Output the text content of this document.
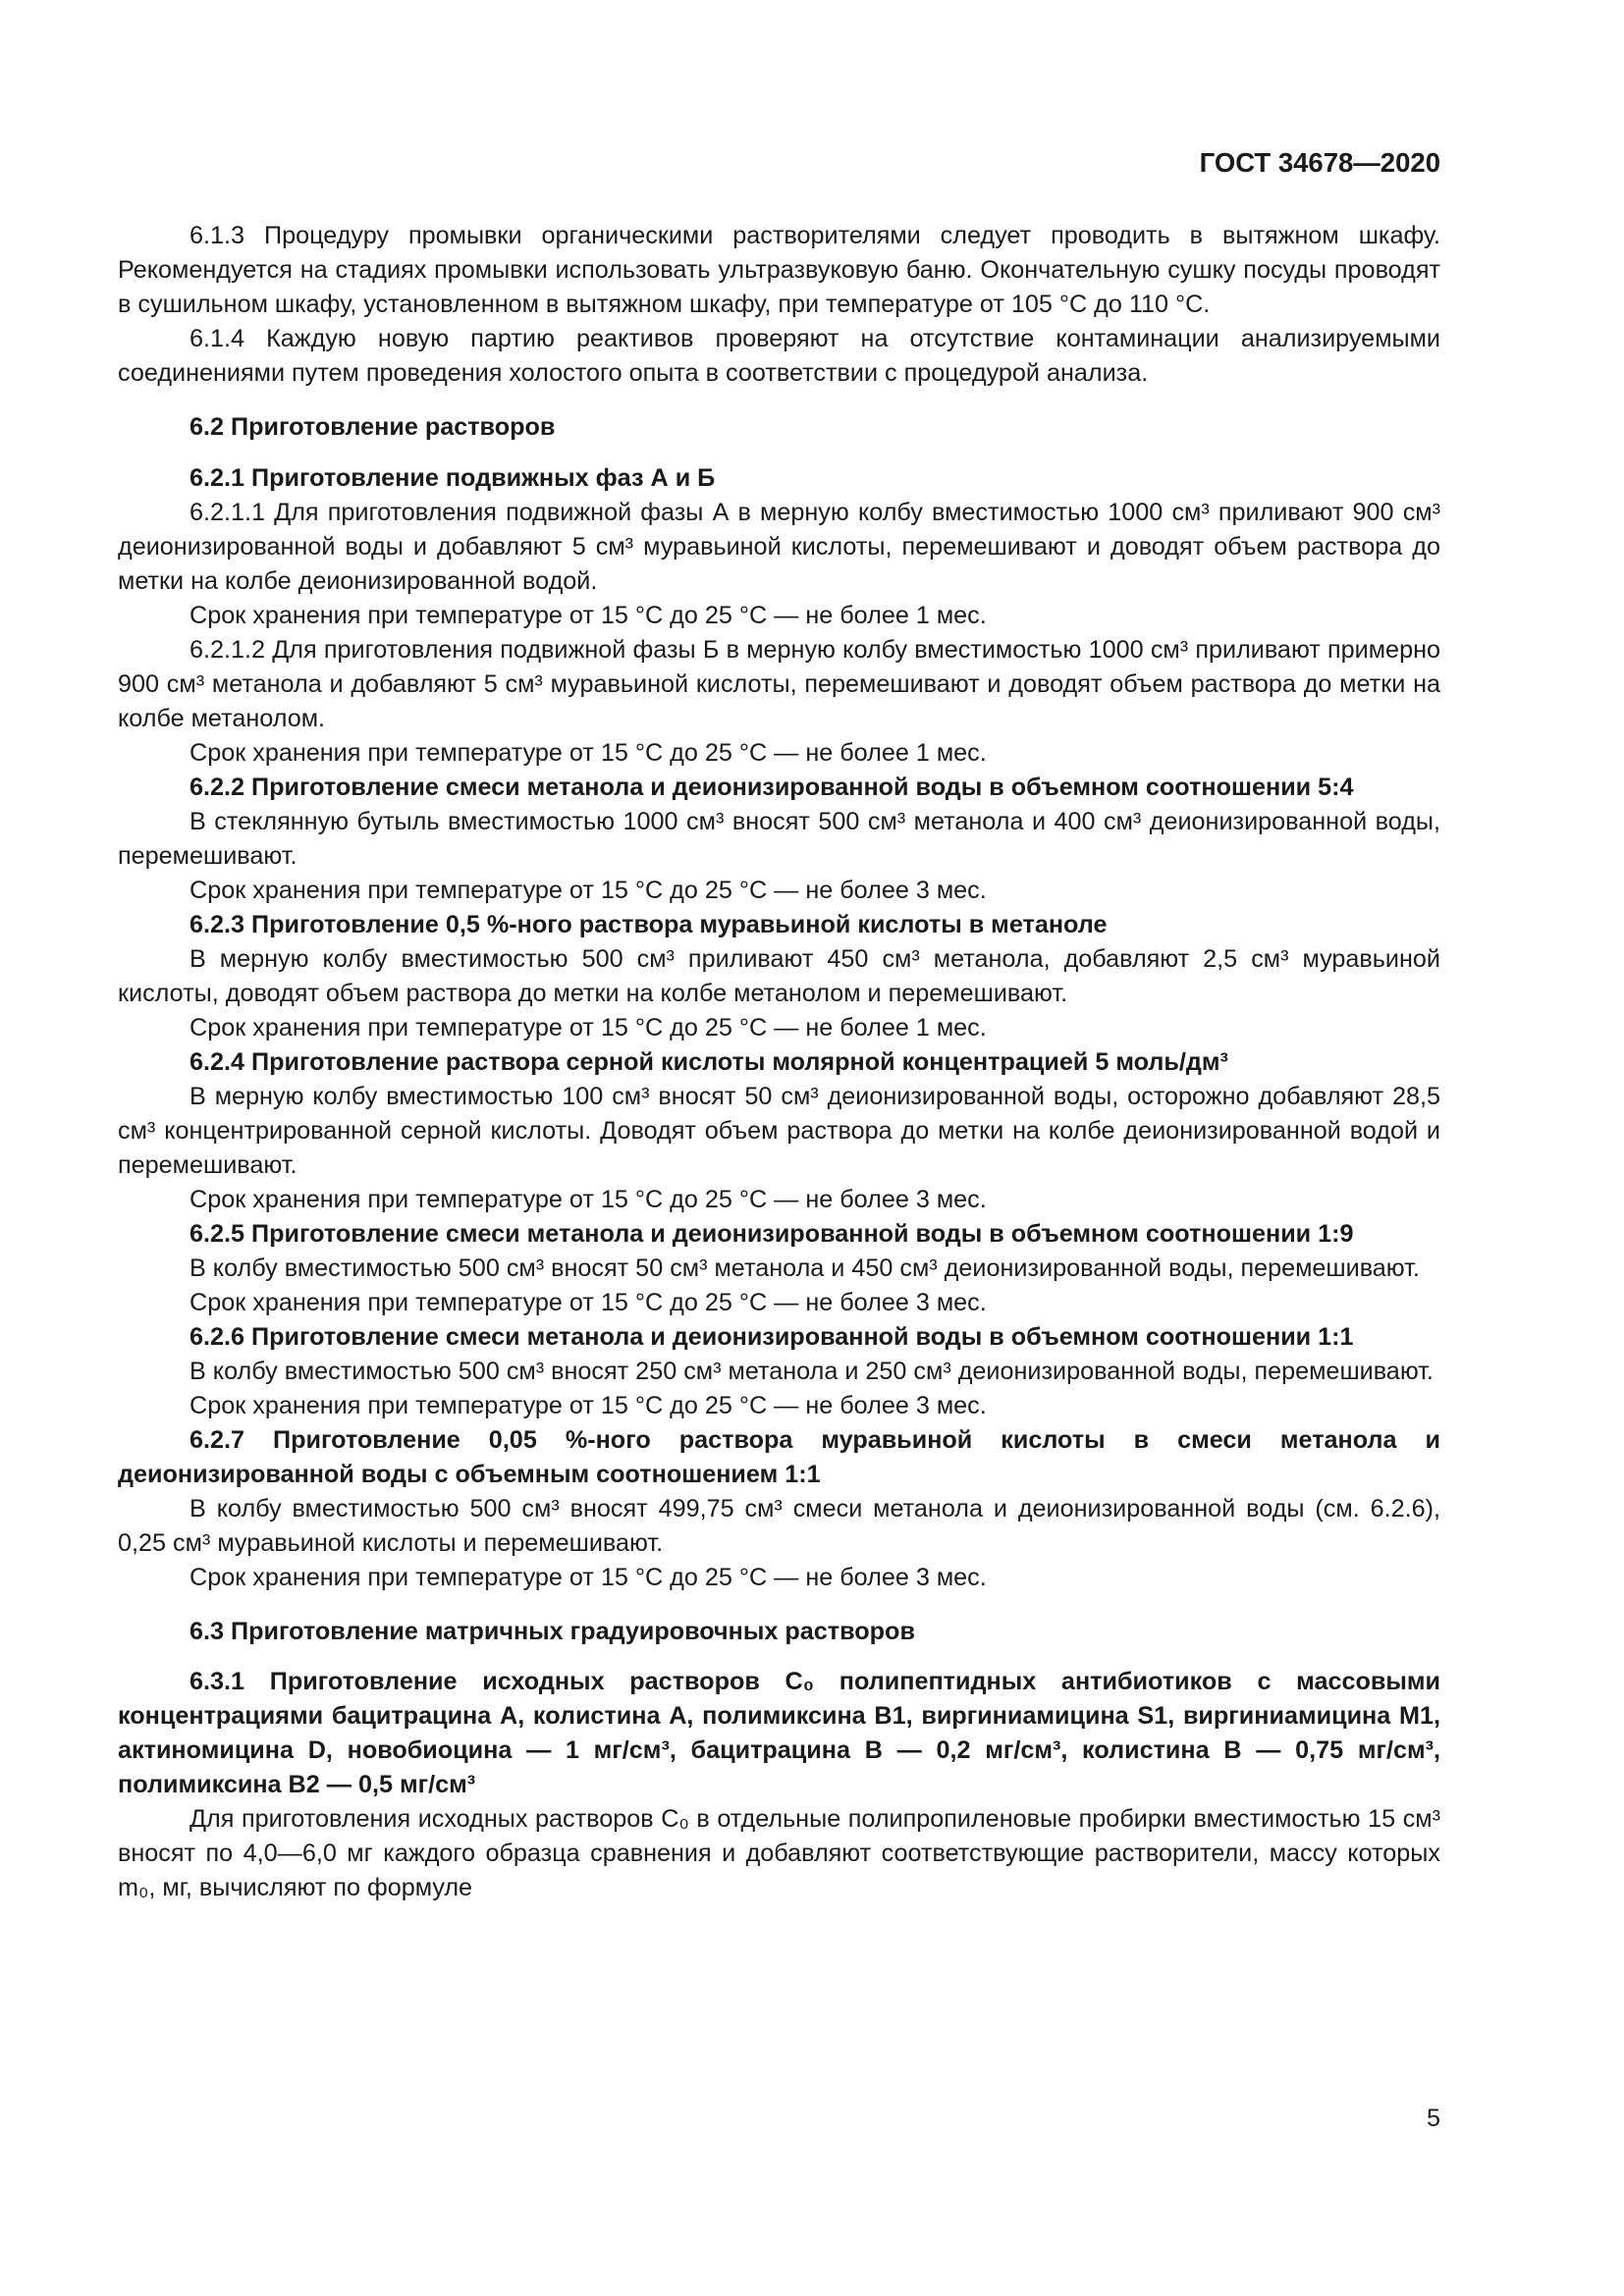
ГОСТ 34678—2020

6.1.3 Процедуру промывки органическими растворителями следует проводить в вытяжном шкафу. Рекомендуется на стадиях промывки использовать ультразвуковую баню. Окончательную сушку посуды проводят в сушильном шкафу, установленном в вытяжном шкафу, при температуре от 105 °С до 110 °С.

6.1.4 Каждую новую партию реактивов проверяют на отсутствие контаминации анализируемыми соединениями путем проведения холостого опыта в соответствии с процедурой анализа.

6.2 Приготовление растворов
6.2.1 Приготовление подвижных фаз А и Б

6.2.1.1 Для приготовления подвижной фазы А в мерную колбу вместимостью 1000 см³ приливают 900 см³ деионизированной воды и добавляют 5 см³ муравьиной кислоты, перемешивают и доводят объем раствора до метки на колбе деионизированной водой.

Срок хранения при температуре от 15 °С до 25 °С — не более 1 мес.

6.2.1.2 Для приготовления подвижной фазы Б в мерную колбу вместимостью 1000 см³ приливают примерно 900 см³ метанола и добавляют 5 см³ муравьиной кислоты, перемешивают и доводят объем раствора до метки на колбе метанолом.

Срок хранения при температуре от 15 °С до 25 °С — не более 1 мес.

6.2.2 Приготовление смеси метанола и деионизированной воды в объемном соотношении 5:4

В стеклянную бутыль вместимостью 1000 см³ вносят 500 см³ метанола и 400 см³ деионизированной воды, перемешивают.

Срок хранения при температуре от 15 °С до 25 °С — не более 3 мес.

6.2.3 Приготовление 0,5 %-ного раствора муравьиной кислоты в метаноле

В мерную колбу вместимостью 500 см³ приливают 450 см³ метанола, добавляют 2,5 см³ муравьиной кислоты, доводят объем раствора до метки на колбе метанолом и перемешивают.

Срок хранения при температуре от 15 °С до 25 °С — не более 1 мес.

6.2.4 Приготовление раствора серной кислоты молярной концентрацией 5 моль/дм³

В мерную колбу вместимостью 100 см³ вносят 50 см³ деионизированной воды, осторожно добавляют 28,5 см³ концентрированной серной кислоты. Доводят объем раствора до метки на колбе деионизированной водой и перемешивают.

Срок хранения при температуре от 15 °С до 25 °С — не более 3 мес.

6.2.5 Приготовление смеси метанола и деионизированной воды в объемном соотношении 1:9

В колбу вместимостью 500 см³ вносят 50 см³ метанола и 450 см³ деионизированной воды, перемешивают.

Срок хранения при температуре от 15 °С до 25 °С — не более 3 мес.

6.2.6 Приготовление смеси метанола и деионизированной воды в объемном соотношении 1:1

В колбу вместимостью 500 см³ вносят 250 см³ метанола и 250 см³ деионизированной воды, перемешивают.

Срок хранения при температуре от 15 °С до 25 °С — не более 3 мес.

6.2.7 Приготовление 0,05 %-ного раствора муравьиной кислоты в смеси метанола и деионизированной воды с объемным соотношением 1:1

В колбу вместимостью 500 см³ вносят 499,75 см³ смеси метанола и деионизированной воды (см. 6.2.6), 0,25 см³ муравьиной кислоты и перемешивают.

Срок хранения при температуре от 15 °С до 25 °С — не более 3 мес.

6.3 Приготовление матричных градуировочных растворов
6.3.1 Приготовление исходных растворов C₀ полипептидных антибиотиков с массовыми концентрациями бацитрацина А, колистина А, полимиксина В1, виргиниамицина S1, виргиниамицина М1, актиномицина D, новобиоцина — 1 мг/см³, бацитрацина В — 0,2 мг/см³, колистина В — 0,75 мг/см³, полимиксина В2 — 0,5 мг/см³

Для приготовления исходных растворов C₀ в отдельные полипропиленовые пробирки вместимостью 15 см³ вносят по 4,0—6,0 мг каждого образца сравнения и добавляют соответствующие растворители, массу которых m₀, мг, вычисляют по формуле

5
